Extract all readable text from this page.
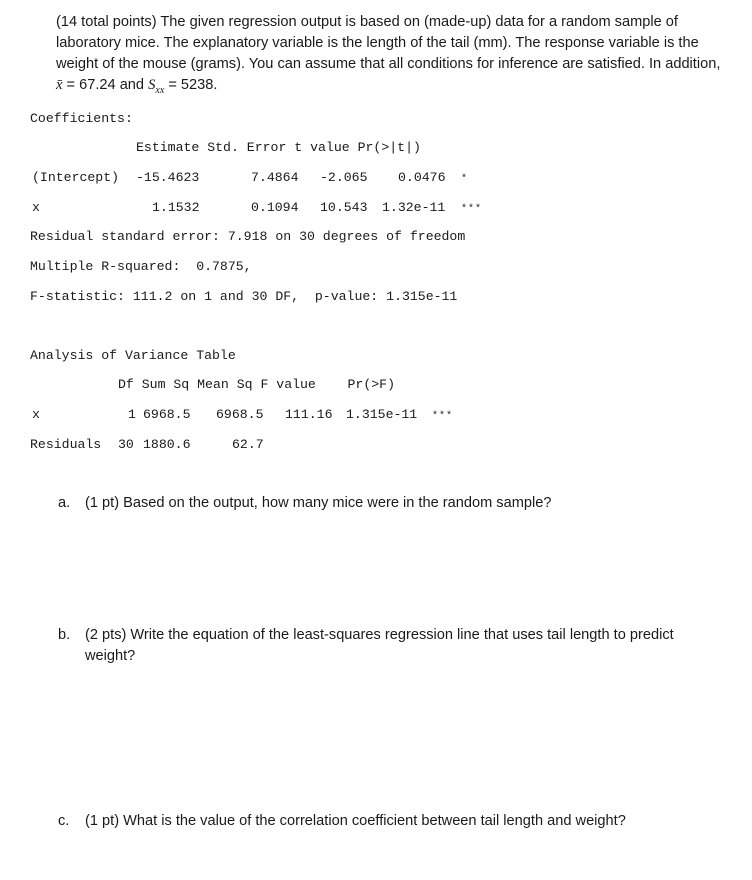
(14 total points) The given regression output is based on (made-up) data for a random sample of laboratory mice. The explanatory variable is the length of the tail (mm). The response variable is the weight of the mouse (grams). You can assume that all conditions for inference are satisfied. In addition, x̄ = 67.24 and $S_{xx} = 5238$.
Coefficients:
Estimate Std. Error t value Pr(>|t|)
(Intercept) -15.4623	7.4864 -2.065 0.0476 *
x	1.1532	0.1094 10.543 1.32e-11 ***
Residual standard error: 7.918 on 30 degrees of freedom
Multiple R-squared:  0.7875,
F-statistic: 111.2 on 1 and 30 DF,  p-value: 1.315e-11
Analysis of Variance Table
Df Sum Sq Mean Sq F value    Pr(>F)
x	1 6968.5 6968.5 111.16 1.315e-11 ***
Residuals 30 1880.6	62.7
a. (1 pt) Based on the output, how many mice were in the random sample?
b. (2 pts) Write the equation of the least-squares regression line that uses tail length to predict weight?
c. (1 pt) What is the value of the correlation coefficient between tail length and weight?
